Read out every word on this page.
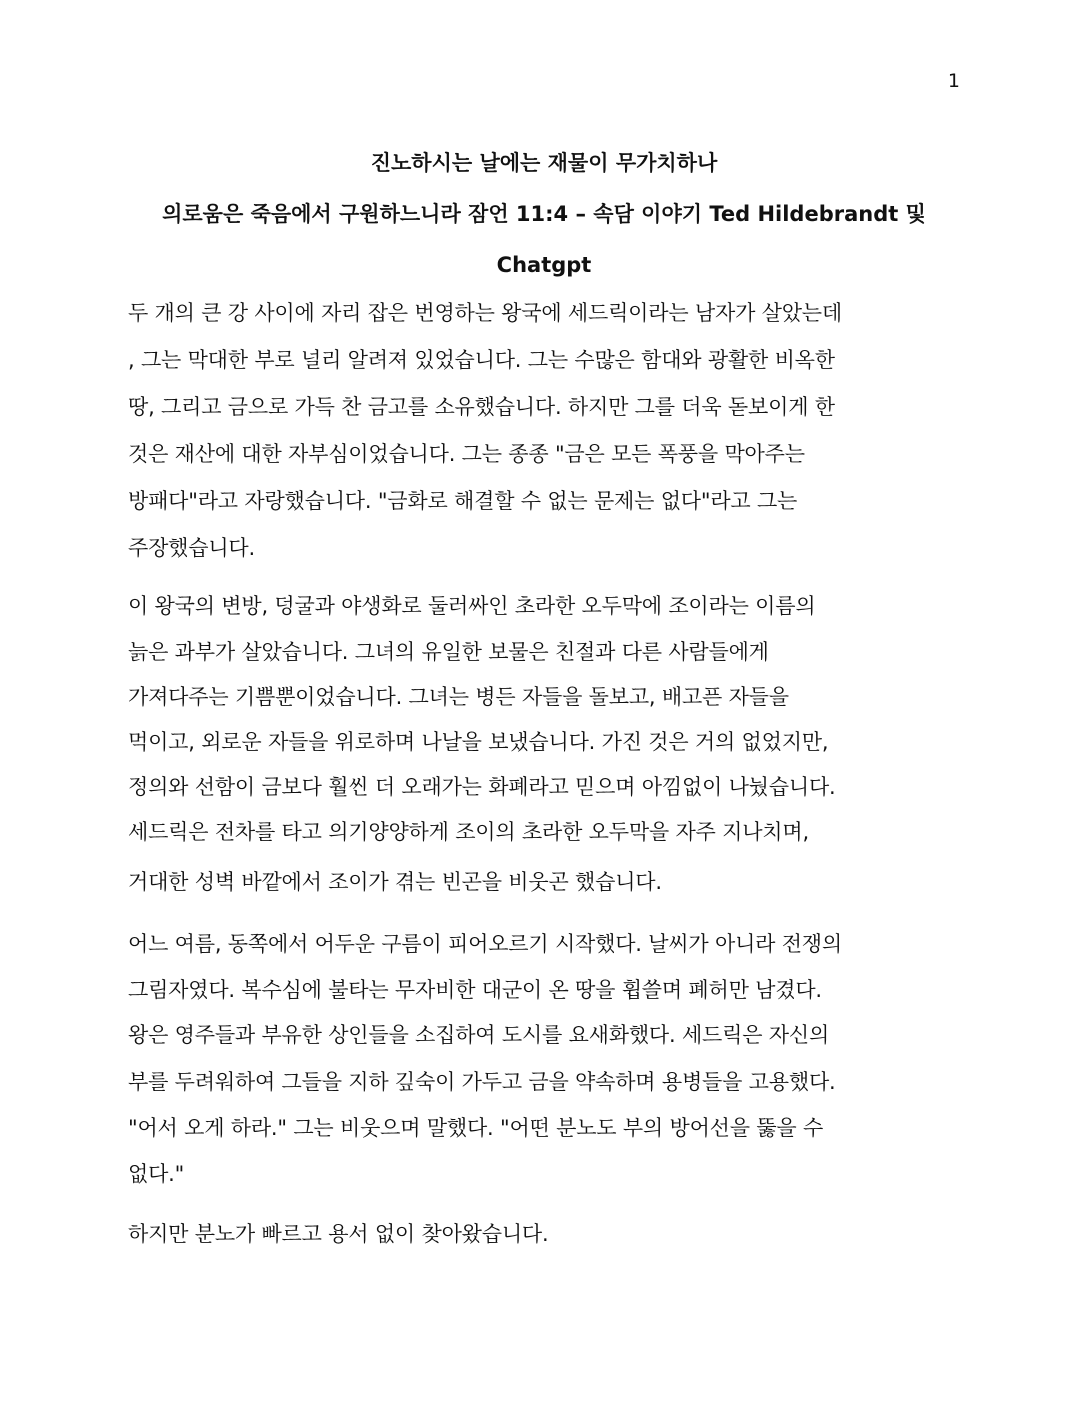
1
진노하시는 날에는 재물이 무가치하나
의로움은 죽음에서 구원하느니라 잠언 11:4 – 속담 이야기 Ted Hildebrandt 및
Chatgpt
두 개의 큰 강 사이에 자리 잡은 번영하는 왕국에 세드릭이라는 남자가 살았는데
, 그는 막대한 부로 널리 알려져 있었습니다. 그는 수많은 함대와 광활한 비옥한
땅, 그리고 금으로 가득 찬 금고를 소유했습니다. 하지만 그를 더욱 돋보이게 한
것은 재산에 대한 자부심이었습니다. 그는 종종 "금은 모든 폭풍을 막아주는
방패다"라고 자랑했습니다. "금화로 해결할 수 없는 문제는 없다"라고 그는
주장했습니다.
이 왕국의 변방, 덩굴과 야생화로 둘러싸인 초라한 오두막에 조이라는 이름의
늙은 과부가 살았습니다. 그녀의 유일한 보물은 친절과 다른 사람들에게
가져다주는 기쁨뿐이었습니다. 그녀는 병든 자들을 돌보고, 배고픈 자들을
먹이고, 외로운 자들을 위로하며 나날을 보냈습니다. 가진 것은 거의 없었지만,
정의와 선함이 금보다 훨씬 더 오래가는 화폐라고 믿으며 아낌없이 나눴습니다.
세드릭은 전차를 타고 의기양양하게 조이의 초라한 오두막을 자주 지나치며,
거대한 성벽 바깥에서 조이가 겪는 빈곤을 비웃곤 했습니다.
어느 여름, 동쪽에서 어두운 구름이 피어오르기 시작했다. 날씨가 아니라 전쟁의
그림자였다. 복수심에 불타는 무자비한 대군이 온 땅을 휩쓸며 폐허만 남겼다.
왕은 영주들과 부유한 상인들을 소집하여 도시를 요새화했다. 세드릭은 자신의
부를 두려워하여 그들을 지하 깊숙이 가두고 금을 약속하며 용병들을 고용했다.
"어서 오게 하라." 그는 비웃으며 말했다. "어떤 분노도 부의 방어선을 뚫을 수
없다."
하지만 분노가 빠르고 용서 없이 찾아왔습니다.
